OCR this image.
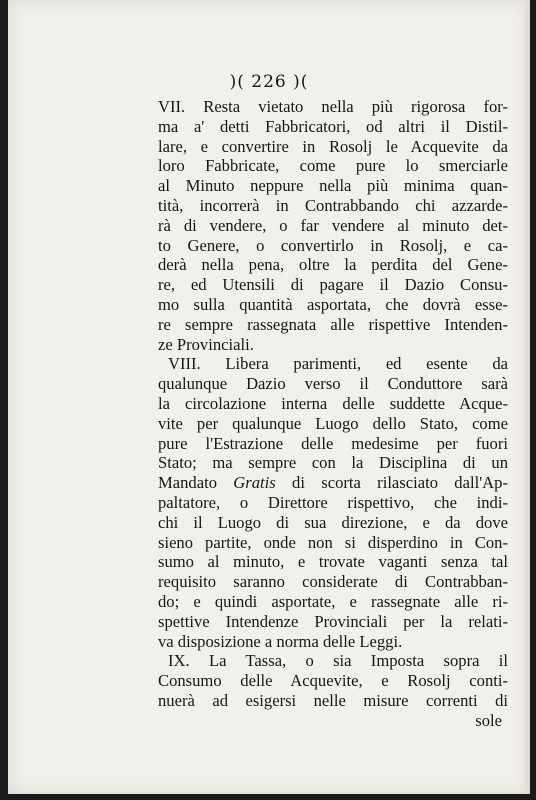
)( 226 )(
VII. Resta vietato nella più rigorosa for-
ma a' detti Fabbricatori, od altri il Distil-
lare, e convertire in Rosolj le Acquevite da
loro Fabbricate, come pure lo smerciarle
al Minuto neppure nella più minima quan-
tità, incorrerà in Contrabbando chi azzarde-
rà di vendere, o far vendere al minuto det-
to Genere, o convertirlo in Rosolj, e ca-
derà nella pena, oltre la perdita del Gene-
re, ed Utensili di pagare il Dazio Consu-
mo sulla quantità asportata, che dovrà esse-
re sempre rassegnata alle rispettive Intenden-
ze Provinciali.
VIII. Libera parimenti, ed esente da
qualunque Dazio verso il Conduttore sarà
la circolazione interna delle suddette Acque-
vite per qualunque Luogo dello Stato, come
pure l'Estrazione delle medesime per fuori
Stato; ma sempre con la Disciplina di un
Mandato Gratis di scorta rilasciato dall'Ap-
paltatore, o Direttore rispettivo, che indi-
chi il Luogo di sua direzione, e da dove
sieno partite, onde non si disperdino in Con-
sumo al minuto, e trovate vaganti senza tal
requisito saranno considerate di Contrabban-
do; e quindi asportate, e rassegnate alle ri-
spettive Intendenze Provinciali per la relati-
va disposizione a norma delle Leggi.
IX. La Tassa, o sia Imposta sopra il
Consumo delle Acquevite, e Rosolj conti-
nuerà ad esigersi nelle misure correnti di
sole
